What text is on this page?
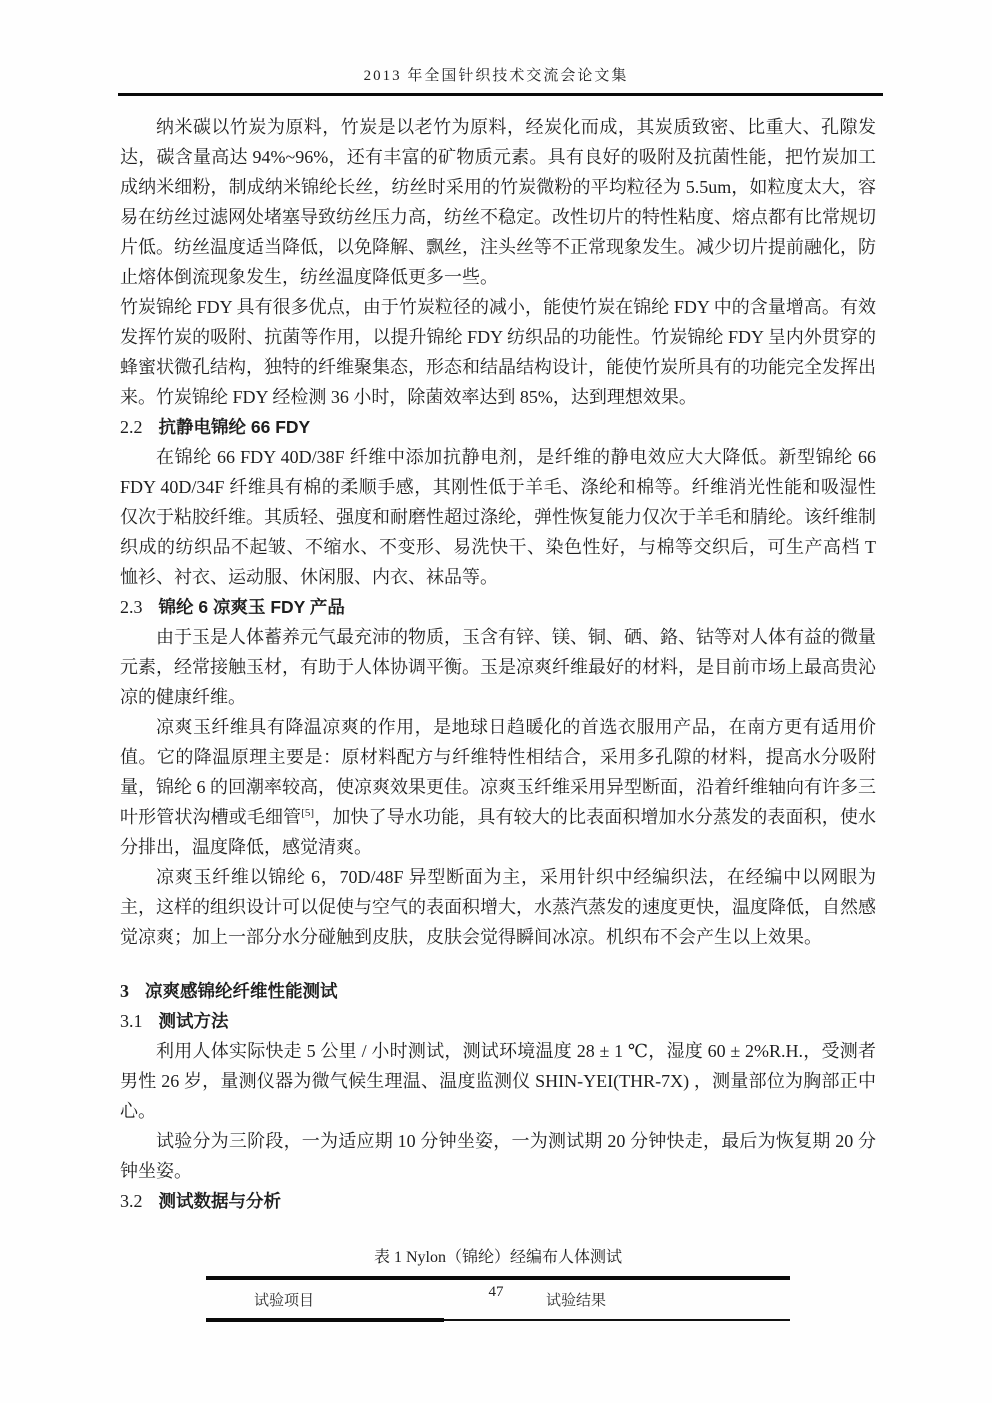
2013 年全国针织技术交流会论文集

纳米碳以竹炭为原料，竹炭是以老竹为原料，经炭化而成，其炭质致密、比重大、孔隙发达，碳含量高达 94%~96%，还有丰富的矿物质元素。具有良好的吸附及抗菌性能，把竹炭加工成纳米细粉，制成纳米锦纶长丝，纺丝时采用的竹炭微粉的平均粒径为 5.5um，如粒度太大，容易在纺丝过滤网处堵塞导致纺丝压力高，纺丝不稳定。改性切片的特性粘度、熔点都有比常规切片低。纺丝温度适当降低，以免降解、飘丝，注头丝等不正常现象发生。减少切片提前融化，防止熔体倒流现象发生，纺丝温度降低更多一些。

竹炭锦纶 FDY 具有很多优点，由于竹炭粒径的减小，能使竹炭在锦纶 FDY 中的含量增高。有效发挥竹炭的吸附、抗菌等作用，以提升锦纶 FDY 纺织品的功能性。竹炭锦纶 FDY 呈内外贯穿的蜂蜜状微孔结构，独特的纤维聚集态，形态和结晶结构设计，能使竹炭所具有的功能完全发挥出来。竹炭锦纶 FDY 经检测 36 小时，除菌效率达到 85%，达到理想效果。

2.2 抗静电锦纶 66 FDY

在锦纶 66 FDY 40D/38F 纤维中添加抗静电剂，是纤维的静电效应大大降低。新型锦纶 66 FDY 40D/34F 纤维具有棉的柔顺手感，其刚性低于羊毛、涤纶和棉等。纤维消光性能和吸湿性仅次于粘胶纤维。其质轻、强度和耐磨性超过涤纶，弹性恢复能力仅次于羊毛和腈纶。该纤维制织成的纺织品不起皱、不缩水、不变形、易洗快干、染色性好，与棉等交织后，可生产高档 T 恤衫、衬衣、运动服、休闲服、内衣、袜品等。

2.3 锦纶 6 凉爽玉 FDY 产品

由于玉是人体蓄养元气最充沛的物质，玉含有锌、镁、铜、硒、鉻、钴等对人体有益的微量元素，经常接触玉材，有助于人体协调平衡。玉是凉爽纤维最好的材料，是目前市场上最高贵沁凉的健康纤维。

凉爽玉纤维具有降温凉爽的作用，是地球日趋暖化的首选衣服用产品，在南方更有适用价值。它的降温原理主要是：原材料配方与纤维特性相结合，采用多孔隙的材料，提高水分吸附量，锦纶 6 的回潮率较高，使凉爽效果更佳。凉爽玉纤维采用异型断面，沿着纤维轴向有许多三叶形管状沟槽或毛细管[5]，加快了导水功能，具有较大的比表面积增加水分蒸发的表面积，使水分排出，温度降低，感觉清爽。

凉爽玉纤维以锦纶 6，70D/48F 异型断面为主，采用针织中经编织法，在经编中以网眼为主，这样的组织设计可以促使与空气的表面积增大，水蒸汽蒸发的速度更快，温度降低，自然感觉凉爽；加上一部分水分碰触到皮肤，皮肤会觉得瞬间冰凉。机织布不会产生以上效果。

3 凉爽感锦纶纤维性能测试
3.1 测试方法

利用人体实际快走 5 公里 / 小时测试，测试环境温度 28 ± 1 ℃，湿度 60 ± 2%R.H.，受测者男性 26 岁，量测仪器为微气候生理温、温度监测仪 SHIN-YEI(THR-7X) ，测量部位为胸部正中心。

试验分为三阶段，一为适应期 10 分钟坐姿，一为测试期 20 分钟快走，最后为恢复期 20 分钟坐姿。

3.2 测试数据与分析
表 1 Nylon（锦纶）经编布人体测试
试验项目	试验结果
47
